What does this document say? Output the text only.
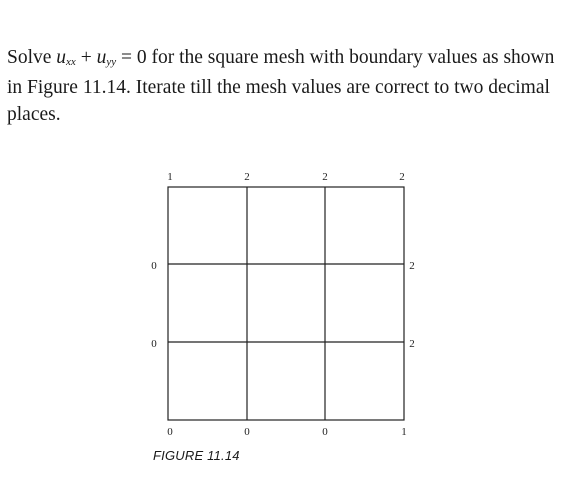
Solve $u_{xx} + u_{yy} = 0$ for the square mesh with boundary values as shown
in Figure 11.14. Iterate till the mesh values are correct to two decimal
places.
1	2	2	2
0
0
2
2
0	0	0	1
FIGURE 11.14
